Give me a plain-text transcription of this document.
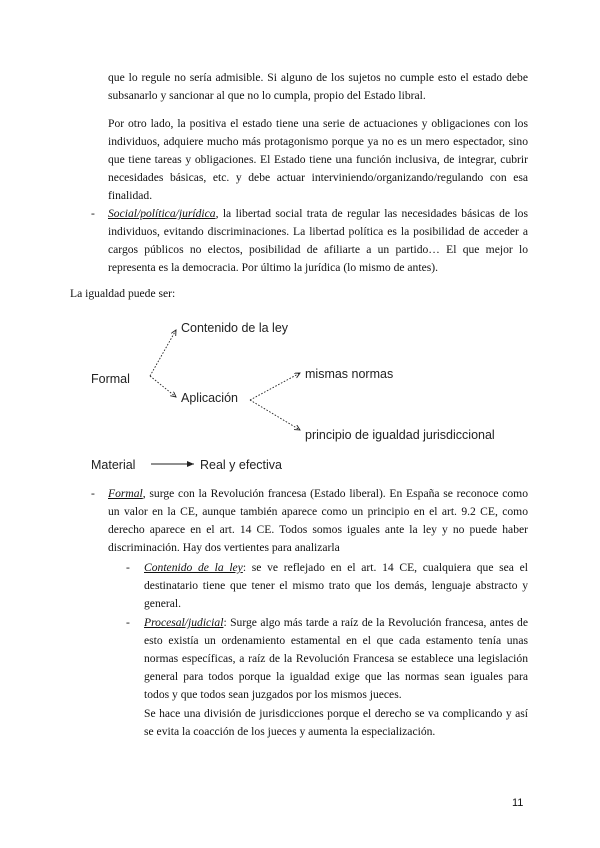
que lo regule no sería admisible. Si alguno de los sujetos no cumple esto el estado debe subsanarlo y sancionar al que no lo cumpla, propio del Estado libral.
Por otro lado, la positiva el estado tiene una serie de actuaciones y obligaciones con los individuos, adquiere mucho más protagonismo porque ya no es un mero espectador, sino que tiene tareas y obligaciones. El Estado tiene una función inclusiva, de integrar, cubrir necesidades básicas, etc. y debe actuar interviniendo/organizando/regulando con esa finalidad.
- Social/política/jurídica, la libertad social trata de regular las necesidades básicas de los individuos, evitando discriminaciones. La libertad política es la posibilidad de acceder a cargos públicos no electos, posibilidad de afiliarte a un partido… El que mejor lo representa es la democracia. Por último la jurídica (lo mismo de antes).
La igualdad puede ser:
Formal
Contenido de la ley
Aplicación
mismas normas
principio de igualdad jurisdiccional
Material	Real y efectiva
- Formal, surge con la Revolución francesa (Estado liberal). En España se reconoce como un valor en la CE, aunque también aparece como un principio en el art. 9.2 CE, como derecho aparece en el art. 14 CE. Todos somos iguales ante la ley y no puede haber discriminación. Hay dos vertientes para analizarla
- Contenido de la ley: se ve reflejado en el art. 14 CE, cualquiera que sea el destinatario tiene que tener el mismo trato que los demás, lenguaje abstracto y general.
- Procesal/judicial: Surge algo más tarde a raíz de la Revolución francesa, antes de esto existía un ordenamiento estamental en el que cada estamento tenía unas normas específicas, a raíz de la Revolución Francesa se establece una legislación general para todos porque la igualdad exige que las normas sean iguales para todos y que todos sean juzgados por los mismos jueces.
Se hace una división de jurisdicciones porque el derecho se va complicando y así se evita la coacción de los jueces y aumenta la especialización.
11
